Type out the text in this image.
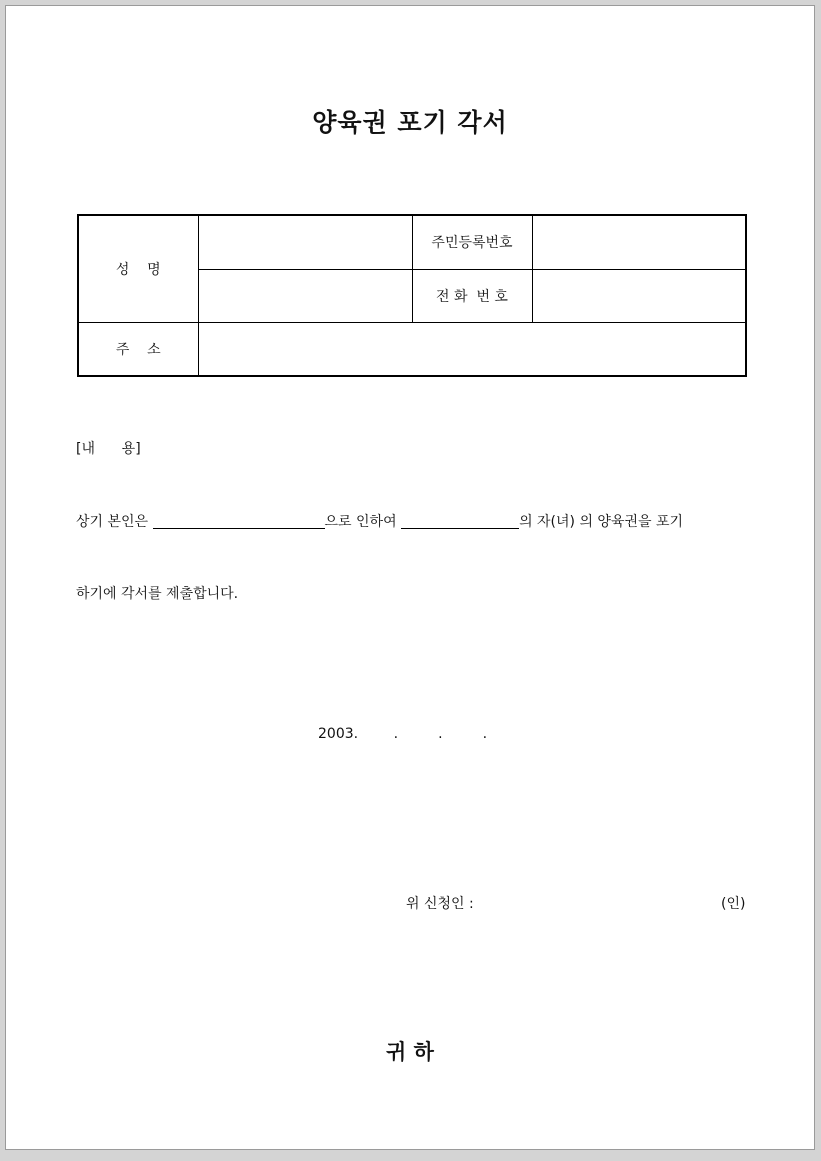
양육권 포기 각서
성    명		주민등록번호	
		전 화  번 호	
주    소			
[내      용]
상기 본인은	으로 인하여	의 자(녀) 의 양육권을 포기
하기에 각서를 제출합니다.
2003.        .         .         .
위 신청인 :	(인)
귀 하
